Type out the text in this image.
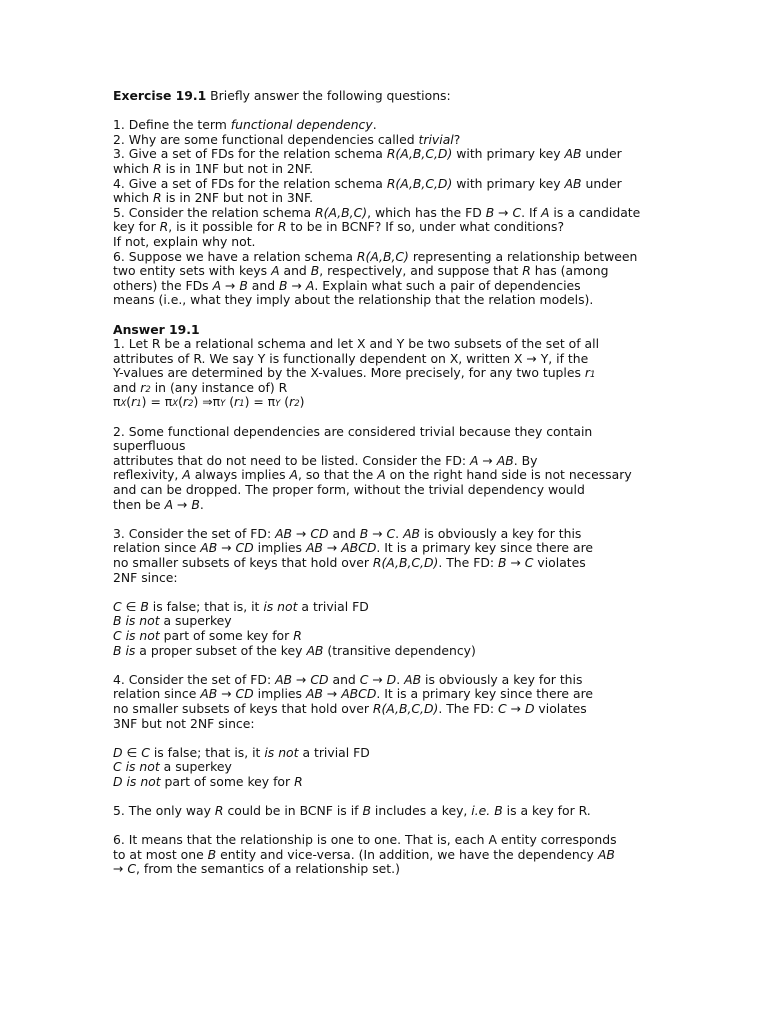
Exercise 19.1 Briefly answer the following questions:
1. Define the term functional dependency.
2. Why are some functional dependencies called trivial?
3. Give a set of FDs for the relation schema R(A,B,C,D) with primary key AB under
which R is in 1NF but not in 2NF.
4. Give a set of FDs for the relation schema R(A,B,C,D) with primary key AB under
which R is in 2NF but not in 3NF.
5. Consider the relation schema R(A,B,C), which has the FD B → C. If A is a candidate
key for R, is it possible for R to be in BCNF? If so, under what conditions?
If not, explain why not.
6. Suppose we have a relation schema R(A,B,C) representing a relationship between
two entity sets with keys A and B, respectively, and suppose that R has (among
others) the FDs A → B and B → A. Explain what such a pair of dependencies
means (i.e., what they imply about the relationship that the relation models).
Answer 19.1
1. Let R be a relational schema and let X and Y be two subsets of the set of all
attributes of R. We say Y is functionally dependent on X, written X → Y, if the
Y-values are determined by the X-values. More precisely, for any two tuples r1
and r2 in (any instance of) R
πX(r1) = πX(r2) ⇒πY (r1) = πY (r2)
2. Some functional dependencies are considered trivial because they contain
superfluous
attributes that do not need to be listed. Consider the FD: A → AB. By
reflexivity, A always implies A, so that the A on the right hand side is not necessary
and can be dropped. The proper form, without the trivial dependency would
then be A → B.
3. Consider the set of FD: AB → CD and B → C. AB is obviously a key for this
relation since AB → CD implies AB → ABCD. It is a primary key since there are
no smaller subsets of keys that hold over R(A,B,C,D). The FD: B → C violates
2NF since:
C ∈ B is false; that is, it is not a trivial FD
B is not a superkey
C is not part of some key for R
B is a proper subset of the key AB (transitive dependency)
4. Consider the set of FD: AB → CD and C → D. AB is obviously a key for this
relation since AB → CD implies AB → ABCD. It is a primary key since there are
no smaller subsets of keys that hold over R(A,B,C,D). The FD: C → D violates
3NF but not 2NF since:
D ∈ C is false; that is, it is not a trivial FD
C is not a superkey
D is not part of some key for R
5. The only way R could be in BCNF is if B includes a key, i.e. B is a key for R.
6. It means that the relationship is one to one. That is, each A entity corresponds
to at most one B entity and vice-versa. (In addition, we have the dependency AB
→ C, from the semantics of a relationship set.)
